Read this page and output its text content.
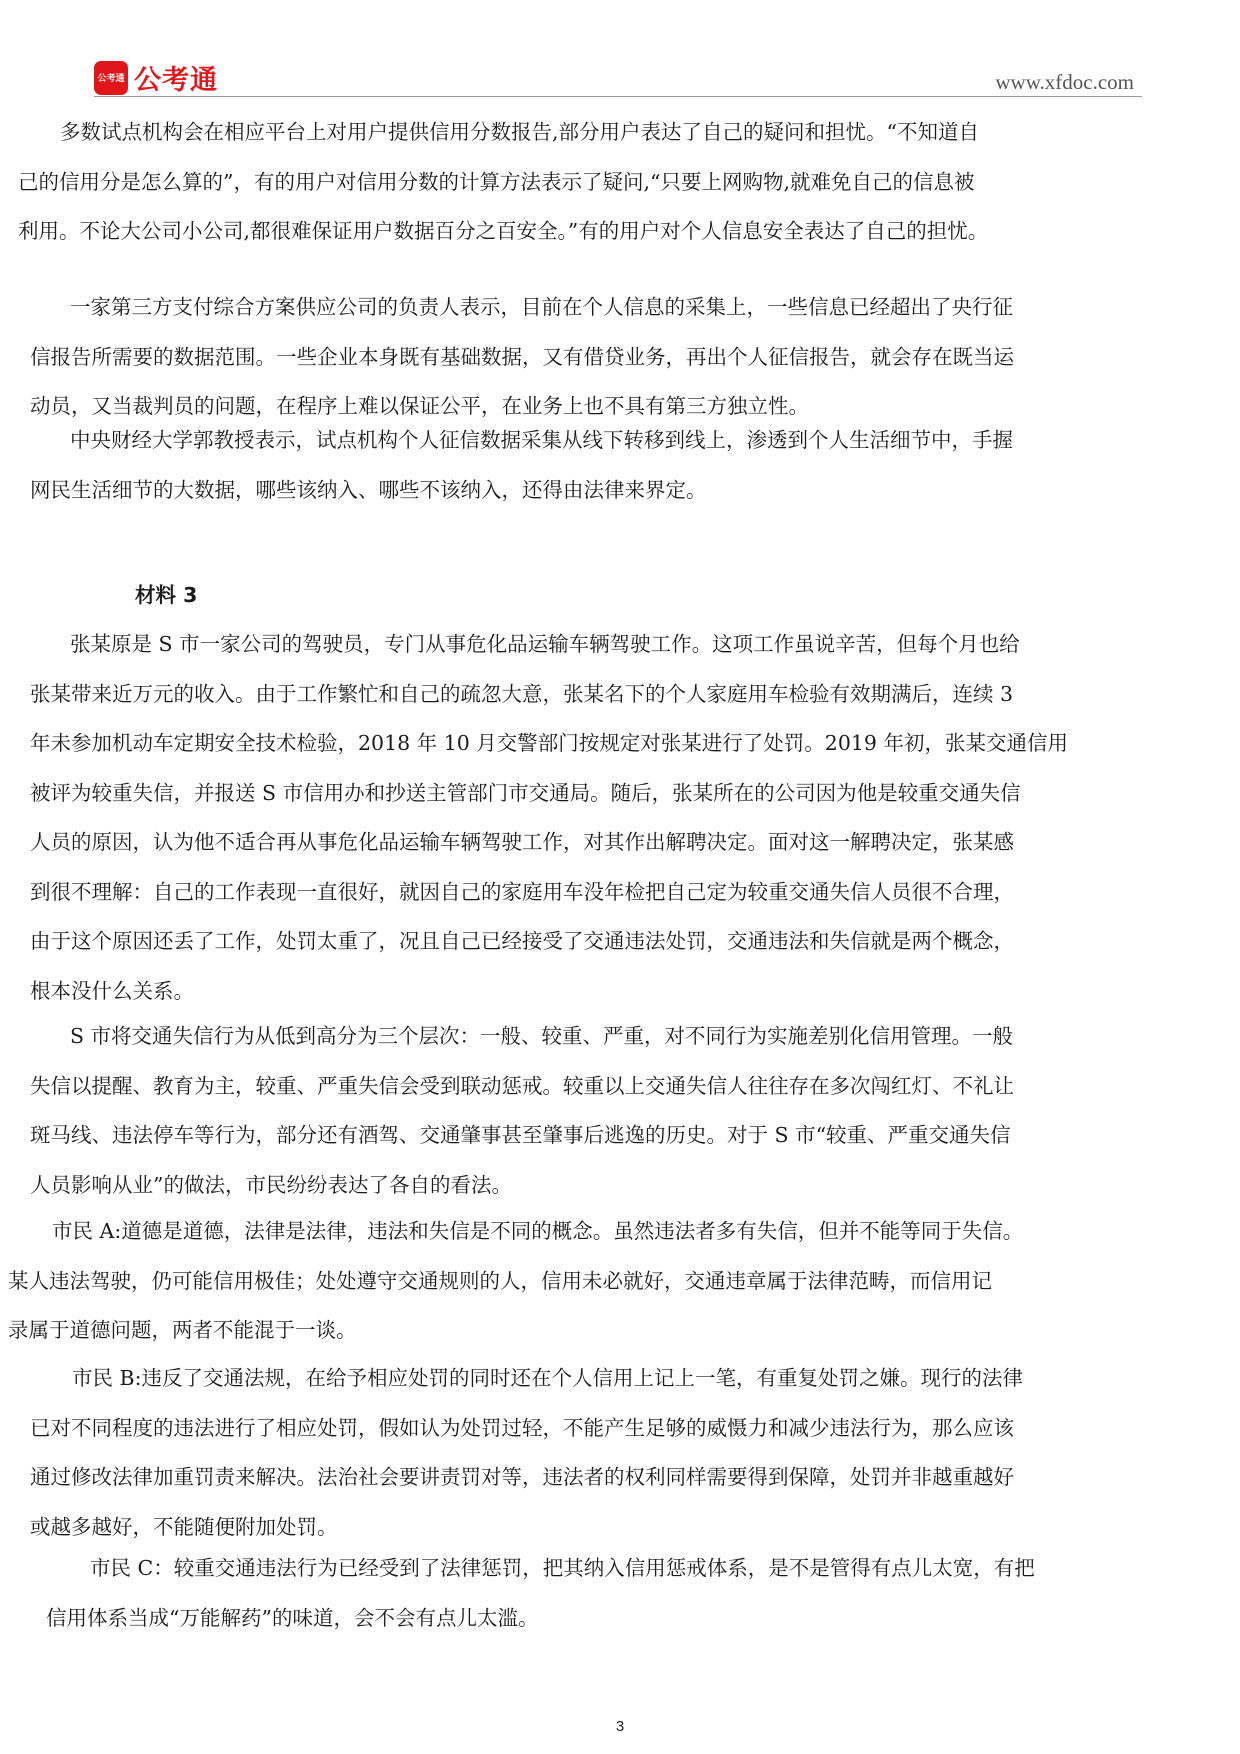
公考通 公考通	www.xfdoc.com

多数试点机构会在相应平台上对用户提供信用分数报告,部分用户表达了自己的疑问和担忧。“不知道自
己的信用分是怎么算的”，有的用户对信用分数的计算方法表示了疑问,“只要上网购物,就难免自己的信息被
利用。不论大公司小公司,都很难保证用户数据百分之百安全。”有的用户对个人信息安全表达了自己的担忧。

一家第三方支付综合方案供应公司的负责人表示，目前在个人信息的采集上，一些信息已经超出了央行征
信报告所需要的数据范围。一些企业本身既有基础数据，又有借贷业务，再出个人征信报告，就会存在既当运
动员，又当裁判员的问题，在程序上难以保证公平，在业务上也不具有第三方独立性。

中央财经大学郭教授表示，试点机构个人征信数据采集从线下转移到线上，渗透到个人生活细节中，手握
网民生活细节的大数据，哪些该纳入、哪些不该纳入，还得由法律来界定。

材料 3

张某原是 S 市一家公司的驾驶员，专门从事危化品运输车辆驾驶工作。这项工作虽说辛苦，但每个月也给
张某带来近万元的收入。由于工作繁忙和自己的疏忽大意，张某名下的个人家庭用车检验有效期满后，连续 3
年未参加机动车定期安全技术检验，2018 年 10 月交警部门按规定对张某进行了处罚。2019 年初，张某交通信用
被评为较重失信，并报送 S 市信用办和抄送主管部门市交通局。随后，张某所在的公司因为他是较重交通失信
人员的原因，认为他不适合再从事危化品运输车辆驾驶工作，对其作出解聘决定。面对这一解聘决定，张某感
到很不理解：自己的工作表现一直很好，就因自己的家庭用车没年检把自己定为较重交通失信人员很不合理，
由于这个原因还丢了工作，处罚太重了，况且自己已经接受了交通违法处罚，交通违法和失信就是两个概念，
根本没什么关系。

S 市将交通失信行为从低到高分为三个层次：一般、较重、严重，对不同行为实施差别化信用管理。一般
失信以提醒、教育为主，较重、严重失信会受到联动惩戒。较重以上交通失信人往往存在多次闯红灯、不礼让
斑马线、违法停车等行为，部分还有酒驾、交通肇事甚至肇事后逃逸的历史。对于 S 市“较重、严重交通失信
人员影响从业”的做法，市民纷纷表达了各自的看法。

市民 A:道德是道德，法律是法律，违法和失信是不同的概念。虽然违法者多有失信，但并不能等同于失信。
某人违法驾驶，仍可能信用极佳；处处遵守交通规则的人，信用未必就好，交通违章属于法律范畴，而信用记
录属于道德问题，两者不能混于一谈。

市民 B:违反了交通法规，在给予相应处罚的同时还在个人信用上记上一笔，有重复处罚之嫌。现行的法律
已对不同程度的违法进行了相应处罚，假如认为处罚过轻，不能产生足够的威慑力和减少违法行为，那么应该
通过修改法律加重罚责来解决。法治社会要讲责罚对等，违法者的权利同样需要得到保障，处罚并非越重越好
或越多越好，不能随便附加处罚。

市民 C：较重交通违法行为已经受到了法律惩罚，把其纳入信用惩戒体系，是不是管得有点儿太宽，有把
信用体系当成“万能解药”的味道，会不会有点儿太滥。

3
